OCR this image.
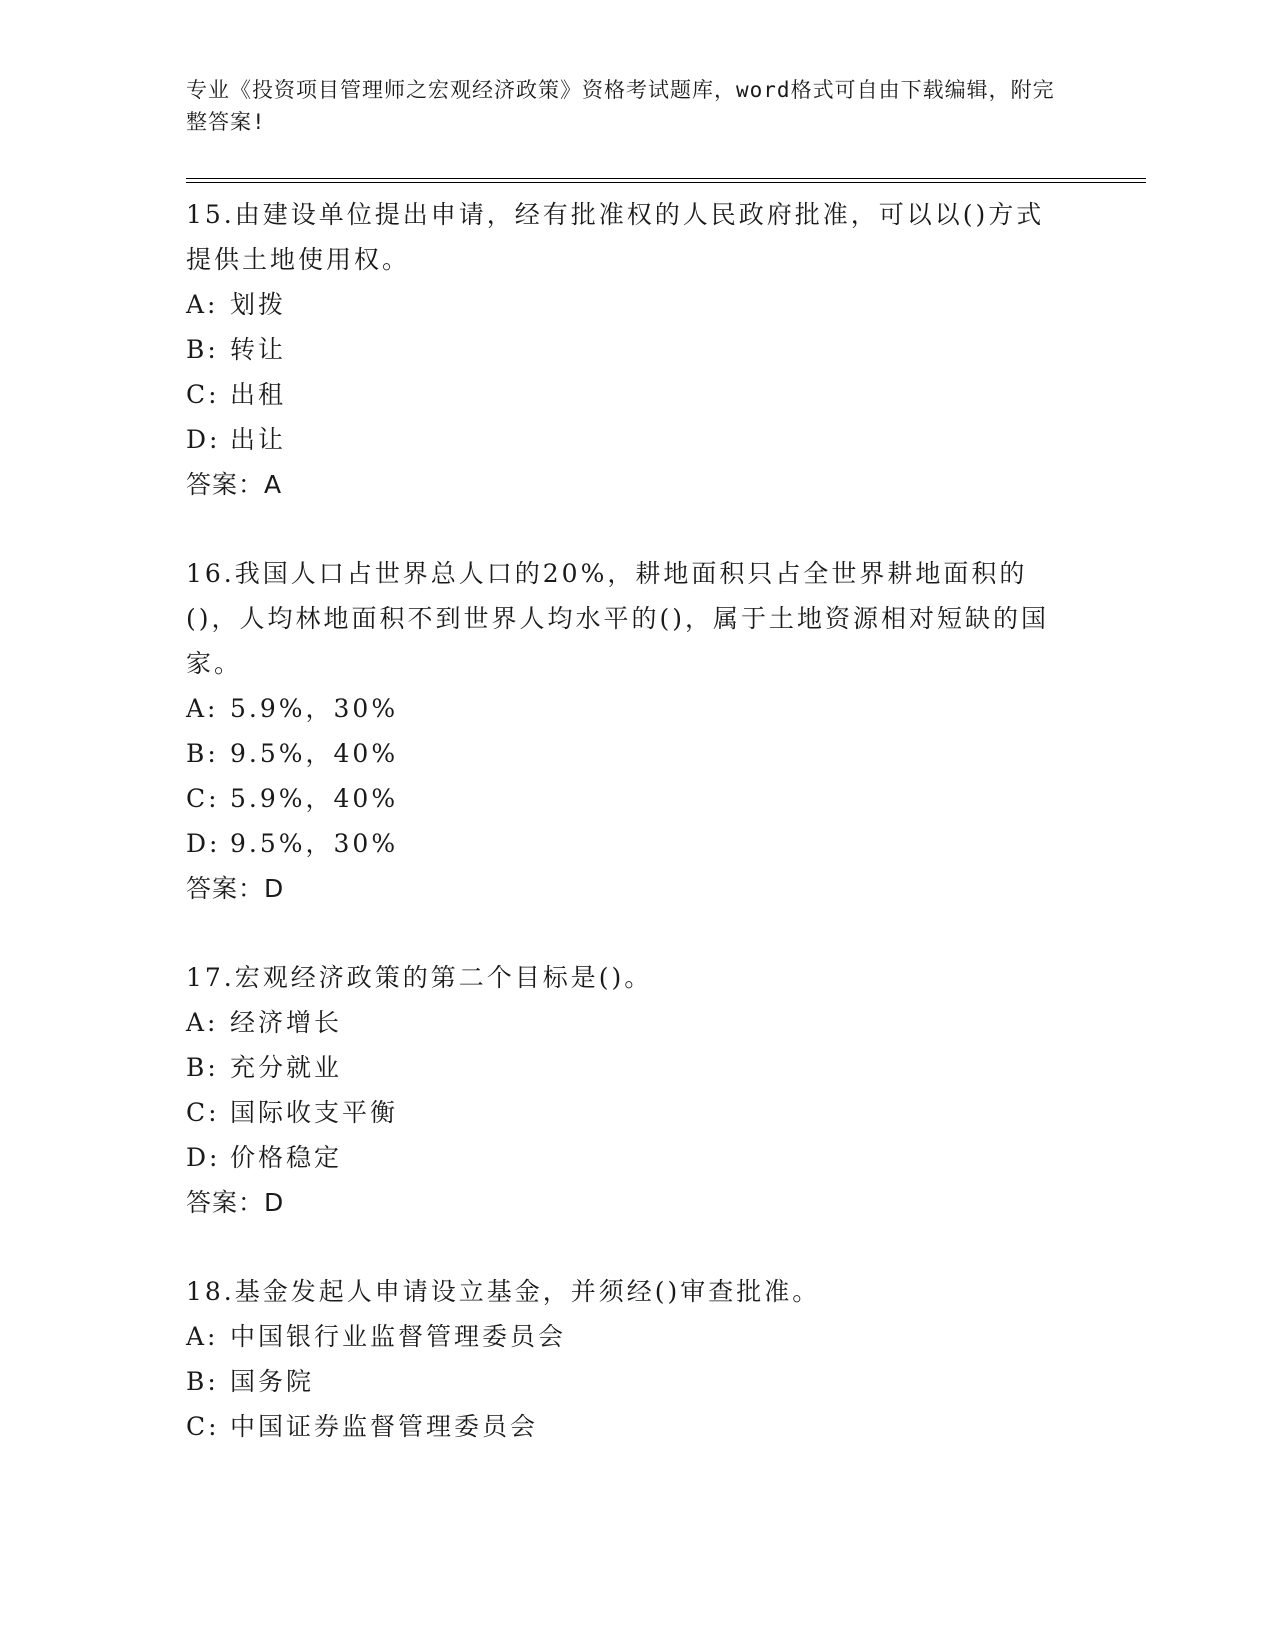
专业《投资项目管理师之宏观经济政策》资格考试题库，word格式可自由下载编辑，附完整答案!

15.由建设单位提出申请，经有批准权的人民政府批准，可以以()方式提供土地使用权。

A: 划拨

B: 转让

C: 出租

D: 出让

答案：A

16.我国人口占世界总人口的20%，耕地面积只占全世界耕地面积的()，人均林地面积不到世界人均水平的()，属于土地资源相对短缺的国家。

A: 5.9%，30%

B: 9.5%，40%

C: 5.9%，40%

D: 9.5%，30%

答案：D

17.宏观经济政策的第二个目标是()。

A: 经济增长

B: 充分就业

C: 国际收支平衡

D: 价格稳定

答案：D

18.基金发起人申请设立基金，并须经()审查批准。

A: 中国银行业监督管理委员会

B: 国务院

C: 中国证券监督管理委员会
